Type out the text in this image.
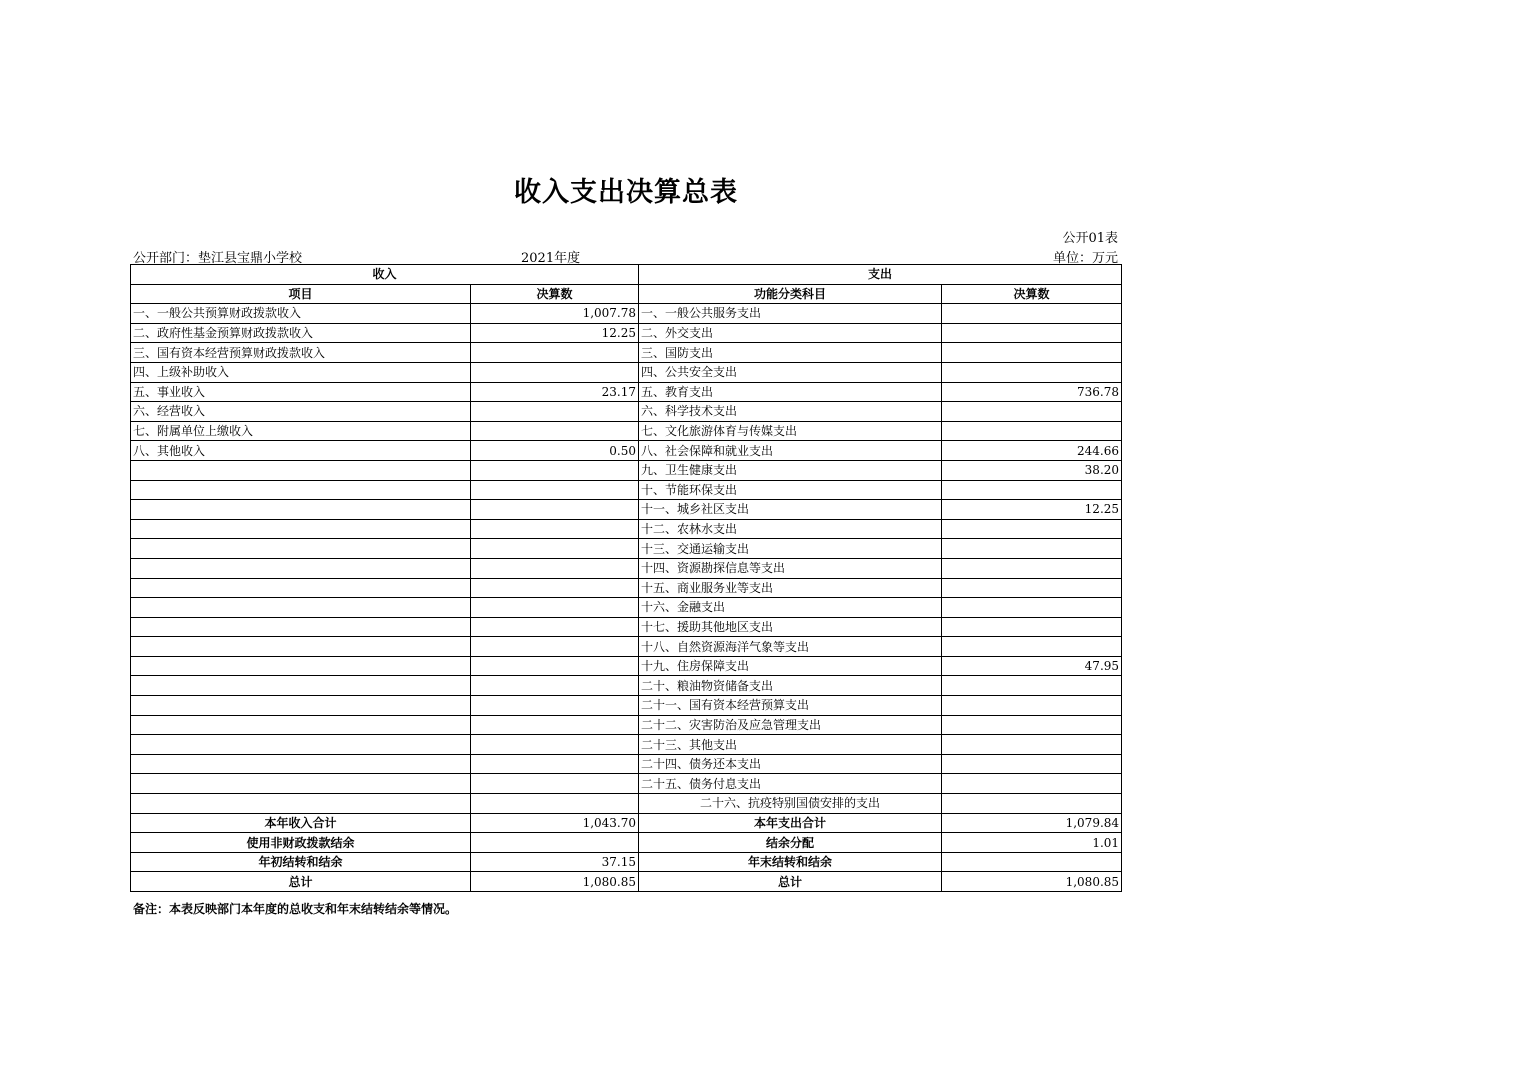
收入支出决算总表
公开01表
公开部门：垫江县宝鼎小学校	2021年度	单位：万元
收入		支出	
项目	决算数	功能分类科目	决算数
一、一般公共预算财政拨款收入	1,007.78	一、一般公共服务支出	
二、政府性基金预算财政拨款收入	12.25	二、外交支出	
三、国有资本经营预算财政拨款收入		三、国防支出	
四、上级补助收入		四、公共安全支出	
五、事业收入	23.17	五、教育支出	736.78
六、经营收入		六、科学技术支出	
七、附属单位上缴收入		七、文化旅游体育与传媒支出	
八、其他收入	0.50	八、社会保障和就业支出	244.66
		九、卫生健康支出	38.20
		十、节能环保支出	
		十一、城乡社区支出	12.25
		十二、农林水支出	
		十三、交通运输支出	
		十四、资源勘探信息等支出	
		十五、商业服务业等支出	
		十六、金融支出	
		十七、援助其他地区支出	
		十八、自然资源海洋气象等支出	
		十九、住房保障支出	47.95
		二十、粮油物资储备支出	
		二十一、国有资本经营预算支出	
		二十二、灾害防治及应急管理支出	
		二十三、其他支出	
		二十四、债务还本支出	
		二十五、债务付息支出	
		二十六、抗疫特别国债安排的支出	
本年收入合计	1,043.70	本年支出合计	1,079.84
使用非财政拨款结余		结余分配	1.01
年初结转和结余	37.15	年末结转和结余	
总计	1,080.85	总计	1,080.85
备注：本表反映部门本年度的总收支和年末结转结余等情况。
